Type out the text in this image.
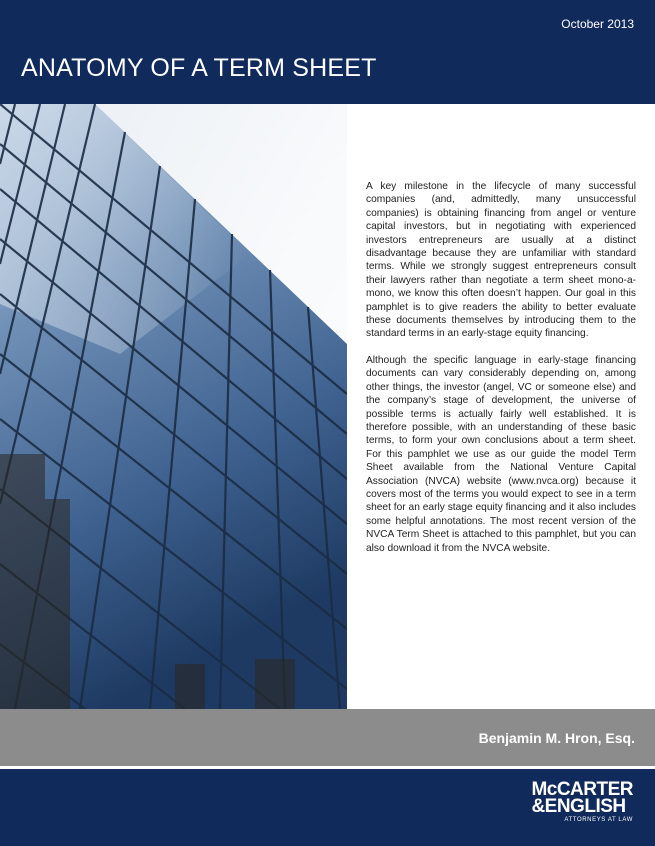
October 2013
ANATOMY OF A TERM SHEET

A key milestone in the lifecycle of many successful companies (and, admittedly, many unsuccessful companies) is obtaining financing from angel or venture capital investors, but in negotiating with experienced investors entrepreneurs are usually at a distinct disadvantage because they are unfamiliar with standard terms. While we strongly suggest entrepreneurs consult their lawyers rather than negotiate a term sheet mono-a-mono, we know this often doesn’t happen. Our goal in this pamphlet is to give readers the ability to better evaluate these documents themselves by introducing them to the standard terms in an early-stage equity financing.

Although the specific language in early-stage financing documents can vary considerably depending on, among other things, the investor (angel, VC or someone else) and the company’s stage of development, the universe of possible terms is actually fairly well established. It is therefore possible, with an understanding of these basic terms, to form your own conclusions about a term sheet. For this pamphlet we use as our guide the model Term Sheet available from the National Venture Capital Association (NVCA) website (www.nvca.org) because it covers most of the terms you would expect to see in a term sheet for an early stage equity financing and it also includes some helpful annotations. The most recent version of the NVCA Term Sheet is attached to this pamphlet, but you can also download it from the NVCA website.

Benjamin M. Hron, Esq.
McCARTER
&ENGLISH
ATTORNEYS AT LAW
